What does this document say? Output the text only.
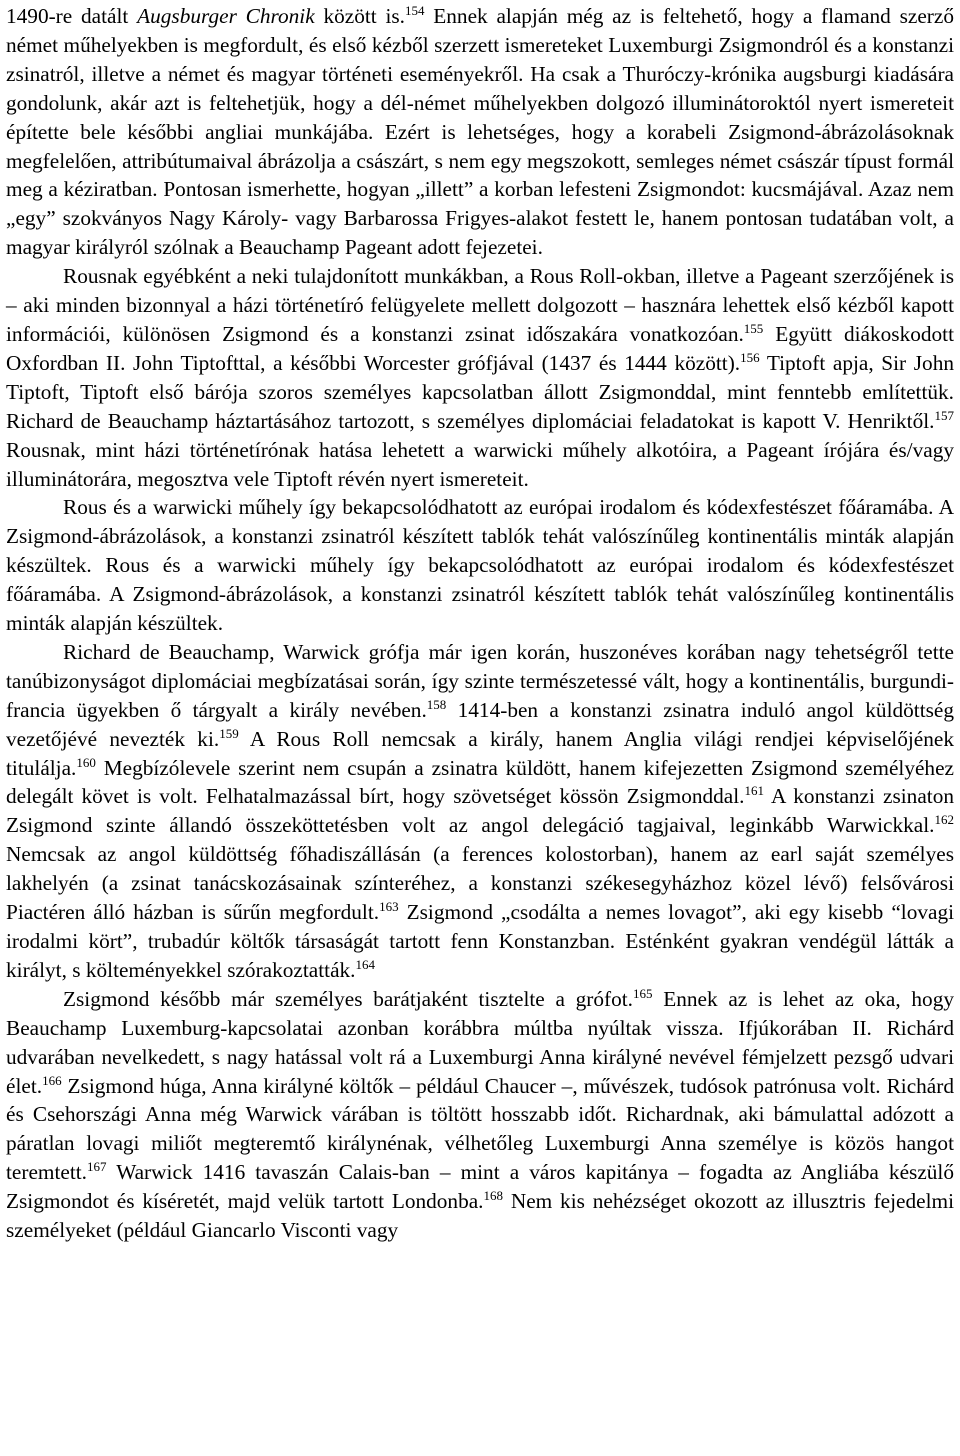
1490-re datált Augsburger Chronik között is.$^{154}$ Ennek alapján még az is feltehető, hogy a flamand szerző német műhelyekben is megfordult, és első kézből szerzett ismereteket Luxemburgi Zsigmondról és a konstanzi zsinatról, illetve a német és magyar történeti eseményekről. Ha csak a Thuróczy-krónika augsburgi kiadására gondolunk, akár azt is feltehetjük, hogy a dél-német műhelyekben dolgozó illuminátoroktól nyert ismereteit építette bele későbbi angliai munkájába. Ezért is lehetséges, hogy a korabeli Zsigmond-ábrázolásoknak megfelelően, attribútumaival ábrázolja a császárt, s nem egy megszokott, semleges német császár típust formál meg a kéziratban. Pontosan ismerhette, hogyan „illett” a korban lefesteni Zsigmondot: kucsmájával. Azaz nem „egy” szokványos Nagy Károly- vagy Barbarossa Frigyes-alakot festett le, hanem pontosan tudatában volt, a magyar királyról szólnak a Beauchamp Pageant adott fejezetei.

Rousnak egyébként a neki tulajdonított munkákban, a Rous Roll-okban, illetve a Pageant szerzőjének is – aki minden bizonnyal a házi történetíró felügyelete mellett dolgozott – hasznára lehettek első kézből kapott információi, különösen Zsigmond és a konstanzi zsinat időszakára vonatkozóan.$^{155}$ Együtt diákoskodott Oxfordban II. John Tiptofttal, a későbbi Worcester grófjával (1437 és 1444 között).$^{156}$ Tiptoft apja, Sir John Tiptoft, Tiptoft első bárója szoros személyes kapcsolatban állott Zsigmonddal, mint fenntebb említettük. Richard de Beauchamp háztartásához tartozott, s személyes diplomáciai feladatokat is kapott V. Henriktől.$^{157}$ Rousnak, mint házi történetírónak hatása lehetett a warwicki műhely alkotóira, a Pageant írójára és/vagy illuminátorára, megosztva vele Tiptoft révén nyert ismereteit.

Rous és a warwicki műhely így bekapcsolódhatott az európai irodalom és kódexfestészet főáramába. A Zsigmond-ábrázolások, a konstanzi zsinatról készített tablók tehát valószínűleg kontinentális minták alapján készültek. Rous és a warwicki műhely így bekapcsolódhatott az európai irodalom és kódexfestészet főáramába. A Zsigmond-ábrázolások, a konstanzi zsinatról készített tablók tehát valószínűleg kontinentális minták alapján készültek.

Richard de Beauchamp, Warwick grófja már igen korán, huszonéves korában nagy tehetségről tette tanúbizonyságot diplomáciai megbízatásai során, így szinte természetessé vált, hogy a kontinentális, burgundi-francia ügyekben ő tárgyalt a király nevében.$^{158}$ 1414-ben a konstanzi zsinatra induló angol küldöttség vezetőjévé nevezték ki.$^{159}$ A Rous Roll nemcsak a király, hanem Anglia világi rendjei képviselőjének titulálja.$^{160}$ Megbízólevele szerint nem csupán a zsinatra küldött, hanem kifejezetten Zsigmond személyéhez delegált követ is volt. Felhatalmazással bírt, hogy szövetséget kössön Zsigmonddal.$^{161}$ A konstanzi zsinaton Zsigmond szinte állandó összeköttetésben volt az angol delegáció tagjaival, leginkább Warwickkal.$^{162}$ Nemcsak az angol küldöttség főhadiszállásán (a ferences kolostorban), hanem az earl saját személyes lakhelyén (a zsinat tanácskozásainak színteréhez, a konstanzi székesegyházhoz közel lévő) felsővárosi Piactéren álló házban is sűrűn megfordult.$^{163}$ Zsigmond „csodálta a nemes lovagot”, aki egy kisebb “lovagi irodalmi kört”, trubadúr költők társaságát tartott fenn Konstanzban. Esténként gyakran vendégül látták a királyt, s költeményekkel szórakoztatták.$^{164}$

Zsigmond később már személyes barátjaként tisztelte a grófot.$^{165}$ Ennek az is lehet az oka, hogy Beauchamp Luxemburg-kapcsolatai azonban korábbra múltba nyúltak vissza. Ifjúkorában II. Richárd udvarában nevelkedett, s nagy hatással volt rá a Luxemburgi Anna királyné nevével fémjelzett pezsgő udvari élet.$^{166}$ Zsigmond húga, Anna királyné költők – például Chaucer –, művészek, tudósok patrónusa volt. Richárd és Csehországi Anna még Warwick várában is töltött hosszabb időt. Richardnak, aki bámulattal adózott a páratlan lovagi miliőt megteremtő királynénak, vélhetőleg Luxemburgi Anna személye is közös hangot teremtett.$^{167}$ Warwick 1416 tavaszán Calais-ban – mint a város kapitánya – fogadta az Angliába készülő Zsigmondot és kíséretét, majd velük tartott Londonba.$^{168}$ Nem kis nehézséget okozott az illusztris fejedelmi személyeket (például Giancarlo Visconti vagy
